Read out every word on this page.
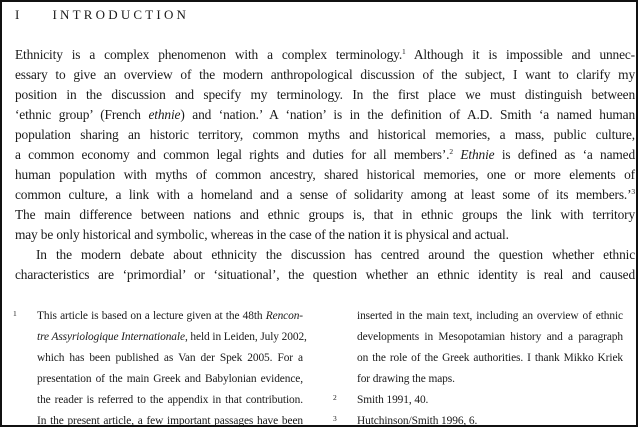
I INTRODUCTION
Ethnicity is a complex phenomenon with a complex terminology.$^1$ Although it is impossible and unnec-
essary to give an overview of the modern anthropological discussion of the subject, I want to clarify my
position in the discussion and specify my terminology. In the first place we must distinguish between
‘ethnic group’ (French ethnie) and ‘nation.’ A ‘nation’ is in the definition of A.D. Smith ‘a named human
population sharing an historic territory, common myths and historical memories, a mass, public culture,
a common economy and common legal rights and duties for all members’.$^2$ Ethnie is defined as ‘a named
human population with myths of common ancestry, shared historical memories, one or more elements of
common culture, a link with a homeland and a sense of solidarity among at least some of its members.’$^3$
The main difference between nations and ethnic groups is, that in ethnic groups the link with territory
may be only historical and symbolic, whereas in the case of the nation it is physical and actual.
In the modern debate about ethnicity the discussion has centred around the question whether ethnic
characteristics are ‘primordial’ or ‘situational’, the question whether an ethnic identity is real and caused
1 This article is based on a lecture given at the 48th Rencon-
tre Assyriologique Internationale, held in Leiden, July 2002,
which has been published as Van der Spek 2005. For a
presentation of the main Greek and Babylonian evidence,
the reader is referred to the appendix in that contribution.
In the present article, a few important passages have been
inserted in the main text, including an overview of ethnic
developments in Mesopotamian history and a paragraph
on the role of the Greek authorities. I thank Mikko Kriek
for drawing the maps.
2 Smith 1991, 40.
3 Hutchinson/Smith 1996, 6.
